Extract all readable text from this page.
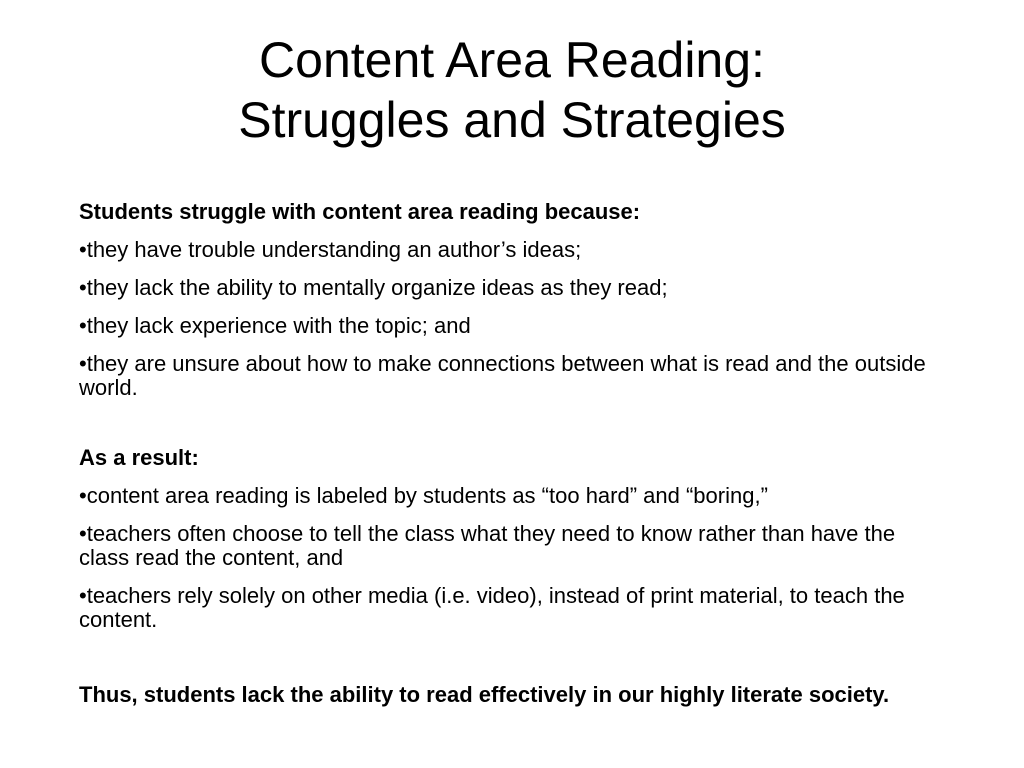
Content Area Reading:
Struggles and Strategies

Students struggle with content area reading because:

•they have trouble understanding an author’s ideas;

•they lack the ability to mentally organize ideas as they read;

•they lack experience with the topic; and

•they are unsure about how to make connections between what is read and the outside world.

As a result:

•content area reading is labeled by students as “too hard” and “boring,”

•teachers often choose to tell the class what they need to know rather than have the class read the content, and

•teachers rely solely on other media (i.e. video), instead of print material, to teach the content.

Thus, students lack the ability to read effectively in our highly literate society.
